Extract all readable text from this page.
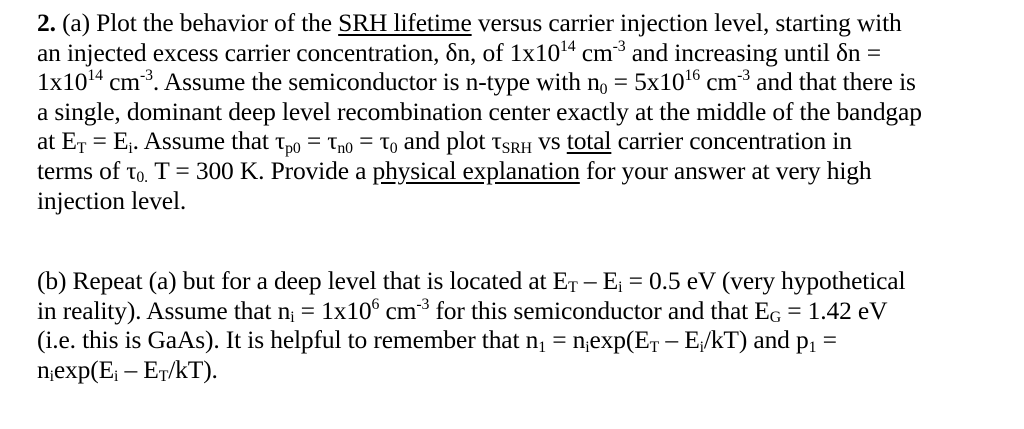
2. (a) Plot the behavior of the SRH lifetime versus carrier injection level, starting with
an injected excess carrier concentration, δn, of $1x10^{14}$ $cm^{-3}$ and increasing until δn =
$1x10^{14}$ $cm^{-3}$. Assume the semiconductor is n-type with $n_0 = 5x10^{16}$ $cm^{-3}$ and that there is
a single, dominant deep level recombination center exactly at the middle of the bandgap
at $E_T = E_i$. Assume that $\tau_{p0} = \tau_{n0} = \tau_0$ and plot $\tau_{SRH}$ vs total carrier concentration in
terms of $\tau_{0.}$ T = 300 K. Provide a physical explanation for your answer at very high
injection level.
(b) Repeat (a) but for a deep level that is located at $E_T - E_i = 0.5$ eV (very hypothetical
in reality). Assume that $n_i = 1x10^6$ $cm^{-3}$ for this semiconductor and that $E_G = 1.42$ eV
(i.e. this is GaAs). It is helpful to remember that $n_1 = n_i\exp(E_T - E_i/kT)$ and $p_1$ =
$n_i\exp(E_i - E_T/kT)$.
